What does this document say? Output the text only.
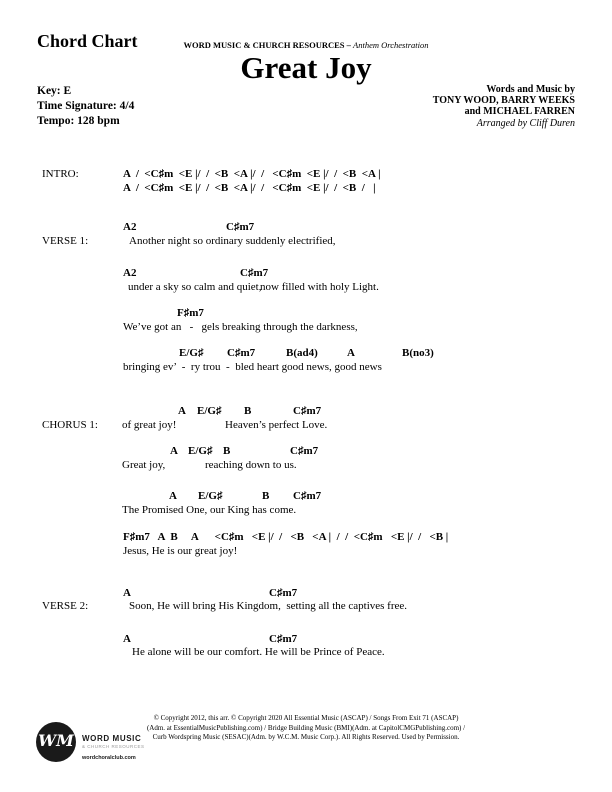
Chord Chart	WORD MUSIC & CHURCH RESOURCES – Anthem Orchestration
Great Joy
Key: E
Time Signature: 4/4
Tempo: 128 bpm
Words and Music by
TONY WOOD, BARRY WEEKS
and MICHAEL FARREN
Arranged by Cliff Duren
INTRO:	A  /  <C♯m  <E |/  /  <B  <A |/  /   <C♯m  <E |/  /  <B  <A |
A  /  <C♯m  <E |/  /  <B  <A |/  /   <C♯m  <E |/  /  <B  /   |
A2	C♯m7
VERSE 1:	Another night so ordinary suddenly electrified,
A2	C♯m7
under a sky so calm and quiet,
now filled with holy Light.
F♯m7
We’ve got an   -   gels breaking through the darkness,
E/G♯ C♯m7	B(ad4)	A	B(no3)
bringing ev’  -  ry trou  -  bled heart good news, good news
A E/G♯ B	C♯m7
CHORUS 1: of great joy!	Heaven’s perfect Love.
A E/G♯ B	C♯m7
Great joy,	reaching down to us.
A E/G♯	B C♯m7
The Promised One, our King has come.
F♯m7   A  B     A      <C♯m   <E |/  /   <B   <A |  /  /  <C♯m   <E |/  /   <B |
Jesus, He is our great joy!
A	C♯m7
VERSE 2:	Soon, He will bring His Kingdom,  setting all the captives free.
A	C♯m7
He alone will be our comfort. He will be Prince of Peace.
© Copyright 2012, this arr. © Copyright 2020 All Essential Music (ASCAP) / Songs From Exit 71 (ASCAP)
(Adm. at EssentialMusicPublishing.com) / Bridge Building Music (BMI)(Adm. at CapitolCMGPublishing.com) /
Curb Wordspring Music (SESAC)(Adm. by W.C.M. Music Corp.). All Rights Reserved. Used by Permission.
WM WORD MUSIC
& CHURCH RESOURCES
wordchoralclub.com
